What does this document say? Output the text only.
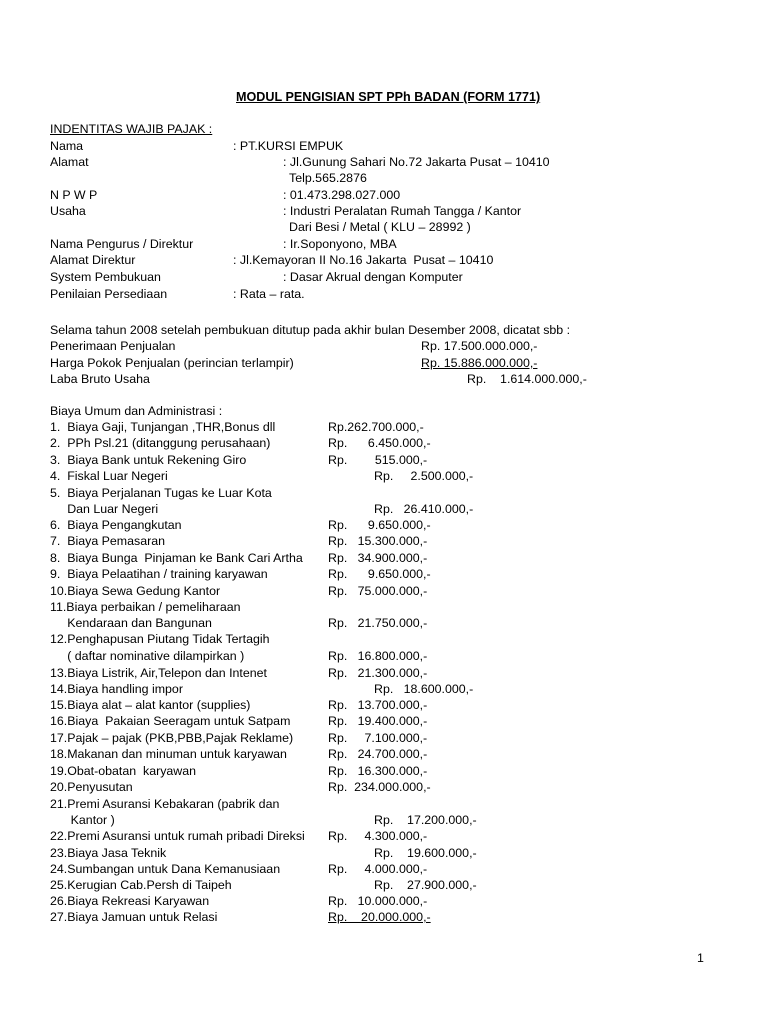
MODUL PENGISIAN SPT PPh BADAN (FORM 1771)
INDENTITAS WAJIB PAJAK :
Nama	: PT.KURSI EMPUK
Alamat	: Jl.Gunung Sahari No.72 Jakarta Pusat – 10410
Telp.565.2876
N P W P	: 01.473.298.027.000
Usaha	: Industri Peralatan Rumah Tangga / Kantor
Dari Besi / Metal ( KLU – 28992 )
Nama Pengurus / Direktur	: Ir.Soponyono, MBA
Alamat Direktur	: Jl.Kemayoran II No.16 Jakarta  Pusat – 10410
System Pembukuan	: Dasar Akrual dengan Komputer
Penilaian Persediaan	: Rata – rata.
Selama tahun 2008 setelah pembukuan ditutup pada akhir bulan Desember 2008, dicatat sbb :
Penerimaan Penjualan	Rp. 17.500.000.000,-
Harga Pokok Penjualan (perincian terlampir)	Rp. 15.886.000.000,-
Laba Bruto Usaha	Rp.    1.614.000.000,-
Biaya Umum dan Administrasi :
1.  Biaya Gaji, Tunjangan ,THR,Bonus dll	Rp.262.700.000,-
2.  PPh Psl.21 (ditanggung perusahaan)	Rp.      6.450.000,-
3.  Biaya Bank untuk Rekening Giro	Rp.        515.000,-
4.  Fiskal Luar Negeri	Rp.     2.500.000,-
5.  Biaya Perjalanan Tugas ke Luar Kota
Dan Luar Negeri	Rp.   26.410.000,-
6.  Biaya Pengangkutan	Rp.      9.650.000,-
7.  Biaya Pemasaran	Rp.   15.300.000,-
8.  Biaya Bunga  Pinjaman ke Bank Cari Artha Rp.   34.900.000,-
9.  Biaya Pelaatihan / training karyawan	Rp.      9.650.000,-
10.Biaya Sewa Gedung Kantor	Rp.   75.000.000,-
11.Biaya perbaikan / pemeliharaan
Kendaraan dan Bangunan	Rp.   21.750.000,-
12.Penghapusan Piutang Tidak Tertagih
( daftar nominative dilampirkan )	Rp.   16.800.000,-
13.Biaya Listrik, Air,Telepon dan Intenet	Rp.   21.300.000,-
14.Biaya handling impor	Rp.   18.600.000,-
15.Biaya alat – alat kantor (supplies)	Rp.   13.700.000,-
16.Biaya  Pakaian Seeragam untuk Satpam	Rp.   19.400.000,-
17.Pajak – pajak (PKB,PBB,Pajak Reklame)	Rp.     7.100.000,-
18.Makanan dan minuman untuk karyawan	Rp.   24.700.000,-
19.Obat-obatan  karyawan	Rp.   16.300.000,-
20.Penyusutan	Rp.  234.000.000,-
21.Premi Asuransi Kebakaran (pabrik dan
Kantor )	Rp.    17.200.000,-
22.Premi Asuransi untuk rumah pribadi Direksi Rp.     4.300.000,-
23.Biaya Jasa Teknik	Rp.    19.600.000,-
24.Sumbangan untuk Dana Kemanusiaan	Rp.     4.000.000,-
25.Kerugian Cab.Persh di Taipeh	Rp.    27.900.000,-
26.Biaya Rekreasi Karyawan	Rp.   10.000.000,-
27.Biaya Jamuan untuk Relasi	Rp.    20.000.000,-
1
